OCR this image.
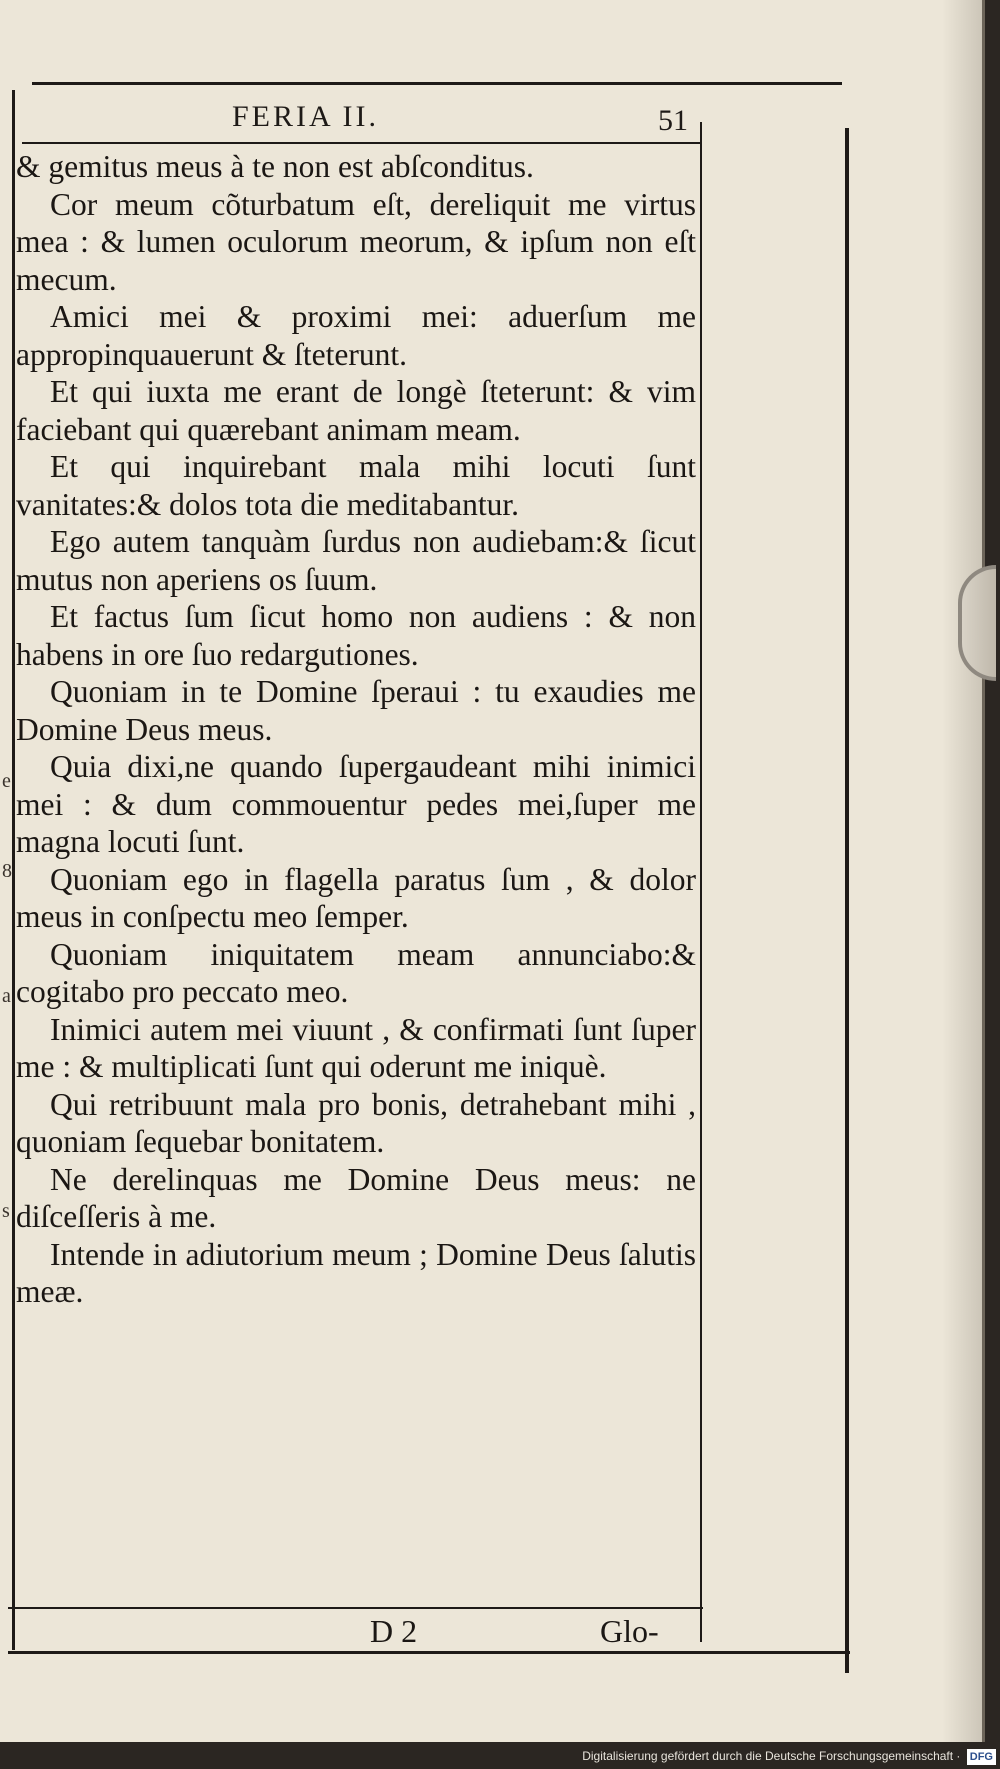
FERIA II.	51

& gemitus meus à te non est abſconditus.

Cor meum cõturbatum eſt, dereliquit me virtus mea : & lumen oculorum meorum, & ipſum non eſt mecum.

Amici mei & proximi mei: aduerſum me appropinquauerunt & ſteterunt.

Et qui iuxta me erant de longè ſteterunt: & vim faciebant qui quærebant animam meam.

Et qui inquirebant mala mihi locuti ſunt vanitates:& dolos tota die meditabantur.

Ego autem tanquàm ſurdus non audiebam:& ſicut mutus non aperiens os ſuum.

Et factus ſum ſicut homo non audiens : & non habens in ore ſuo redargutiones.

Quoniam in te Domine ſperaui : tu exaudies me Domine Deus meus.

Quia dixi,ne quando ſupergaudeant mihi inimici mei : & dum commouentur pedes mei,ſuper me magna locuti ſunt.

Quoniam ego in flagella paratus ſum , & dolor meus in conſpectu meo ſemper.

Quoniam iniquitatem meam annunciabo:& cogitabo pro peccato meo.

Inimici autem mei viuunt , & confirmati ſunt ſuper me : & multiplicati ſunt qui oderunt me iniquè.

Qui retribuunt mala pro bonis, detrahebant mihi , quoniam ſequebar bonitatem.

Ne derelinquas me Domine Deus meus: ne diſceſſeris à me.

Intende in adiutorium meum ; Domine Deus ſalutis meæ.

D 2	Glo-
e
8
a
s
Digitalisierung gefördert durch die Deutsche Forschungsgemeinschaft · DFG
